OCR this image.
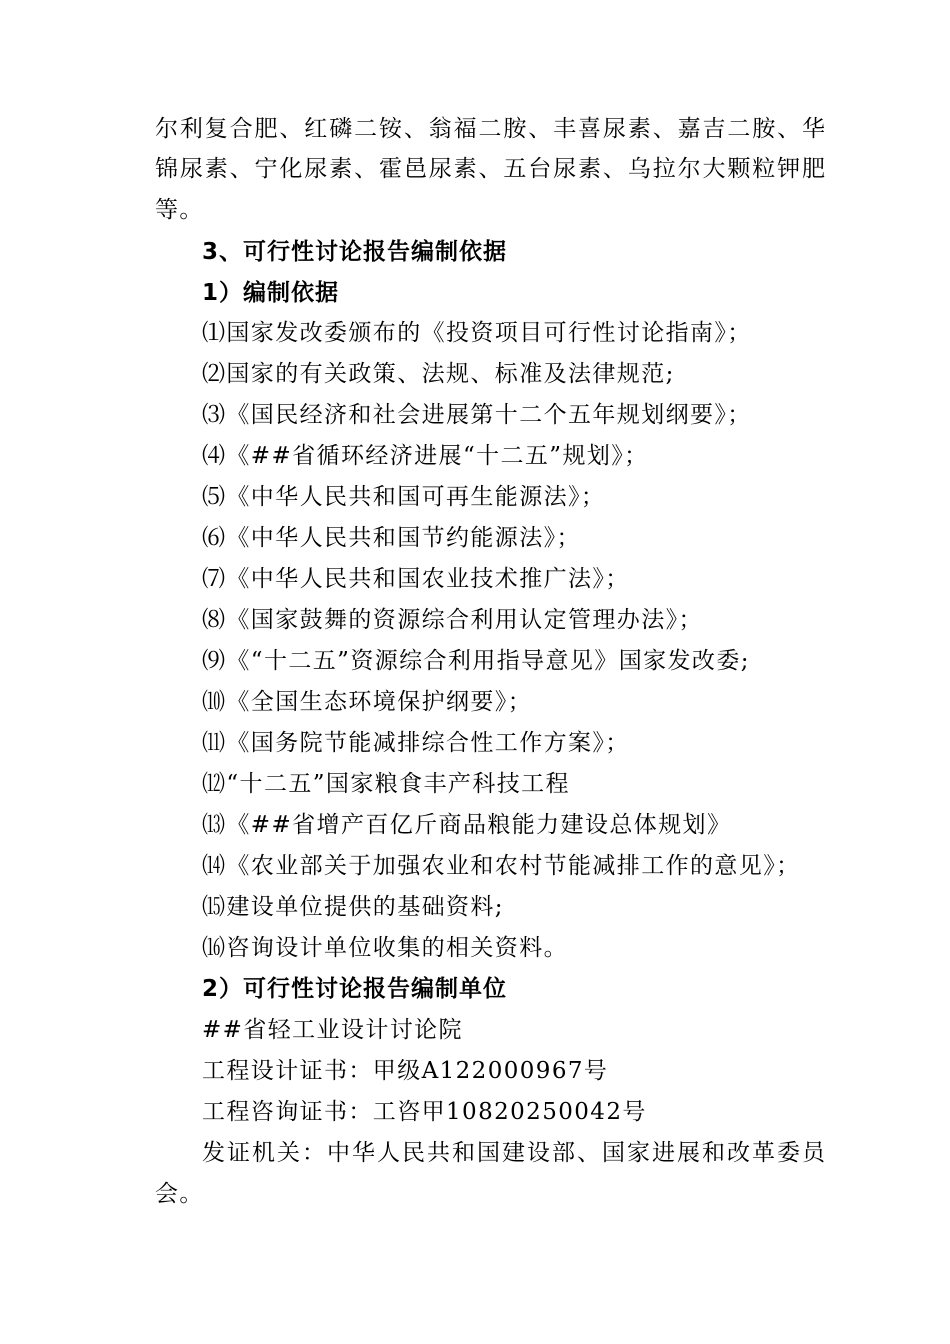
尔利复合肥、红磷二铵、翁福二胺、丰喜尿素、嘉吉二胺、华
锦尿素、宁化尿素、霍邑尿素、五台尿素、乌拉尔大颗粒钾肥
等。
3、可行性讨论报告编制依据
1）编制依据
⑴国家发改委颁布的《投资项目可行性讨论指南》；
⑵国家的有关政策、法规、标准及法律规范;
⑶《国民经济和社会进展第十二个五年规划纲要》；
⑷《##省循环经济进展“十二五”规划》；
⑸《中华人民共和国可再生能源法》；
⑹《中华人民共和国节约能源法》；
⑺《中华人民共和国农业技术推广法》；
⑻《国家鼓舞的资源综合利用认定管理办法》；
⑼《“十二五”资源综合利用指导意见》国家发改委;
⑽《全国生态环境保护纲要》；
⑾《国务院节能减排综合性工作方案》；
⑿“十二五”国家粮食丰产科技工程
⒀《##省增产百亿斤商品粮能力建设总体规划》
⒁《农业部关于加强农业和农村节能减排工作的意见》；
⒂建设单位提供的基础资料;
⒃咨询设计单位收集的相关资料。
2）可行性讨论报告编制单位
##省轻工业设计讨论院
工程设计证书：甲级A122000967号
工程咨询证书：工咨甲10820250042号
发证机关：中华人民共和国建设部、国家进展和改革委员
会。
